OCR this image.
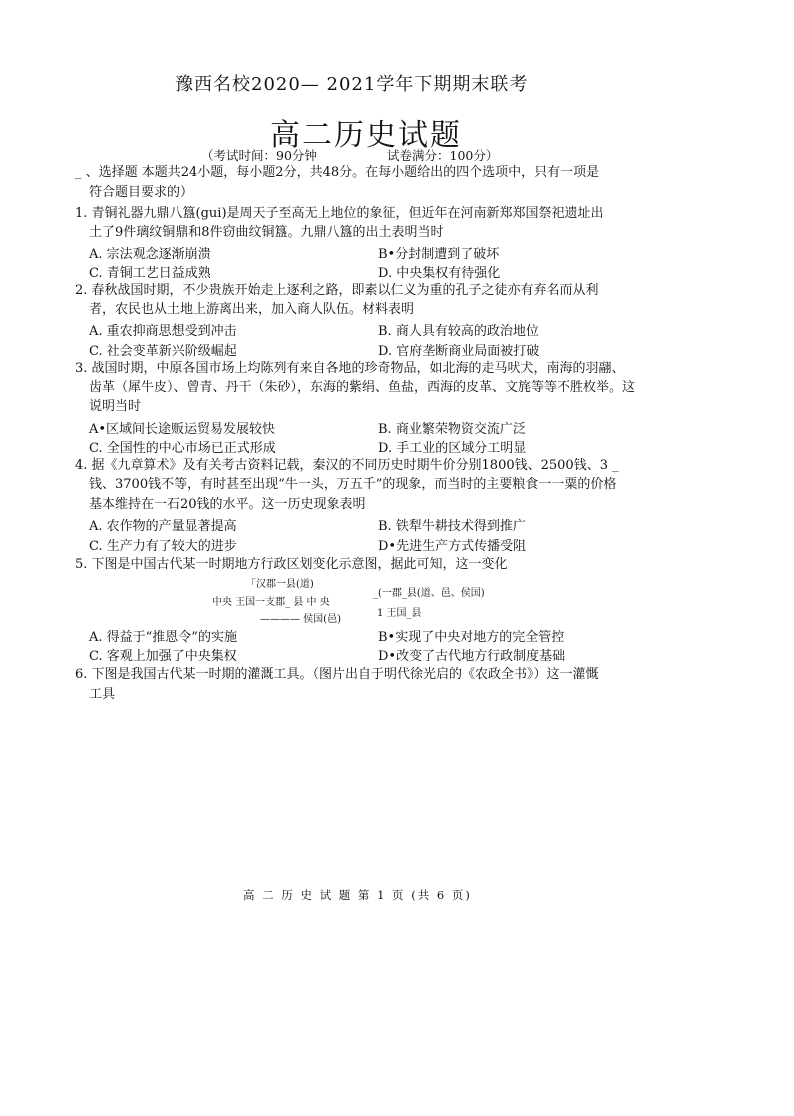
豫西名校2020— 2021学年下期期末联考
高二历史试题
（考试时间：90分钟	试卷满分：100分）
_ 、选择题 本题共24小题，每小题2分，共48分。在每小题给出的四个选项中，只有一项是
符合题目要求的）
1. 青铜礼器九鼎八簋(gui)是周天子至高无上地位的象征，但近年在河南新郑郑国祭祀遗址出
土了9件璃纹铜鼎和8件窃曲纹铜簋。九鼎八簋的出土表明当时
A. 宗法观念逐渐崩溃	B•分封制遭到了破坏
C. 青铜工艺日益成熟	D. 中央集权有待强化
2. 春秋战国时期，不少贵族开始走上逐利之路，即素以仁义为重的孔子之徒亦有弃名而从利
者，农民也从土地上游离出来，加入商人队伍。材料表明
A. 重农抑商思想受到冲击	B. 商人具有较高的政治地位
C. 社会变革新兴阶级崛起	D. 官府垄断商业局面被打破
3. 战国时期，中原各国市场上均陈列有来自各地的珍奇物品，如北海的走马吠犬，南海的羽翮、
齿革（犀牛皮）、曾青、丹干（朱砂），东海的紫绢、鱼盐，西海的皮革、文旄等等不胜枚举。这
说明当时
A•区域间长途贩运贸易发展较快	B. 商业繁荣物资交流广泛
C. 全国性的中心市场已正式形成	D. 手工业的区域分工明显
4. 据《九章算术》及有关考古资料记载，秦汉的不同历史时期牛价分别1800钱、2500钱、3 _
钱、3700钱不等，有时甚至出现“牛一头，万五千”的现象，而当时的主要粮食一一粟的价格
基本维持在一石20钱的水平。这一历史现象表明
A. 农作物的产量显著提高	B. 铁犁牛耕技术得到推广
C. 生产力有了较大的进步	D•先进生产方式传播受阻
5. 下图是中国古代某一时期地方行政区划变化示意图，据此可知，这一变化
「汉郡一县(道)
中央 王国一支郡_ 县 中 央
———— 侯国(邑)
_(一郡_县(道、邑、侯国)
1 王国_县
A. 得益于“推恩令”的实施	B•实现了中央对地方的完全管控
C. 客观上加强了中央集权	D•改变了古代地方行政制度基础
6. 下图是我国古代某一时期的灌溉工具。（图片出自于明代徐光启的《农政全书》）这一灌慨
工具
高 二 历 史 试 题 第 1 页 (共 6 页)
